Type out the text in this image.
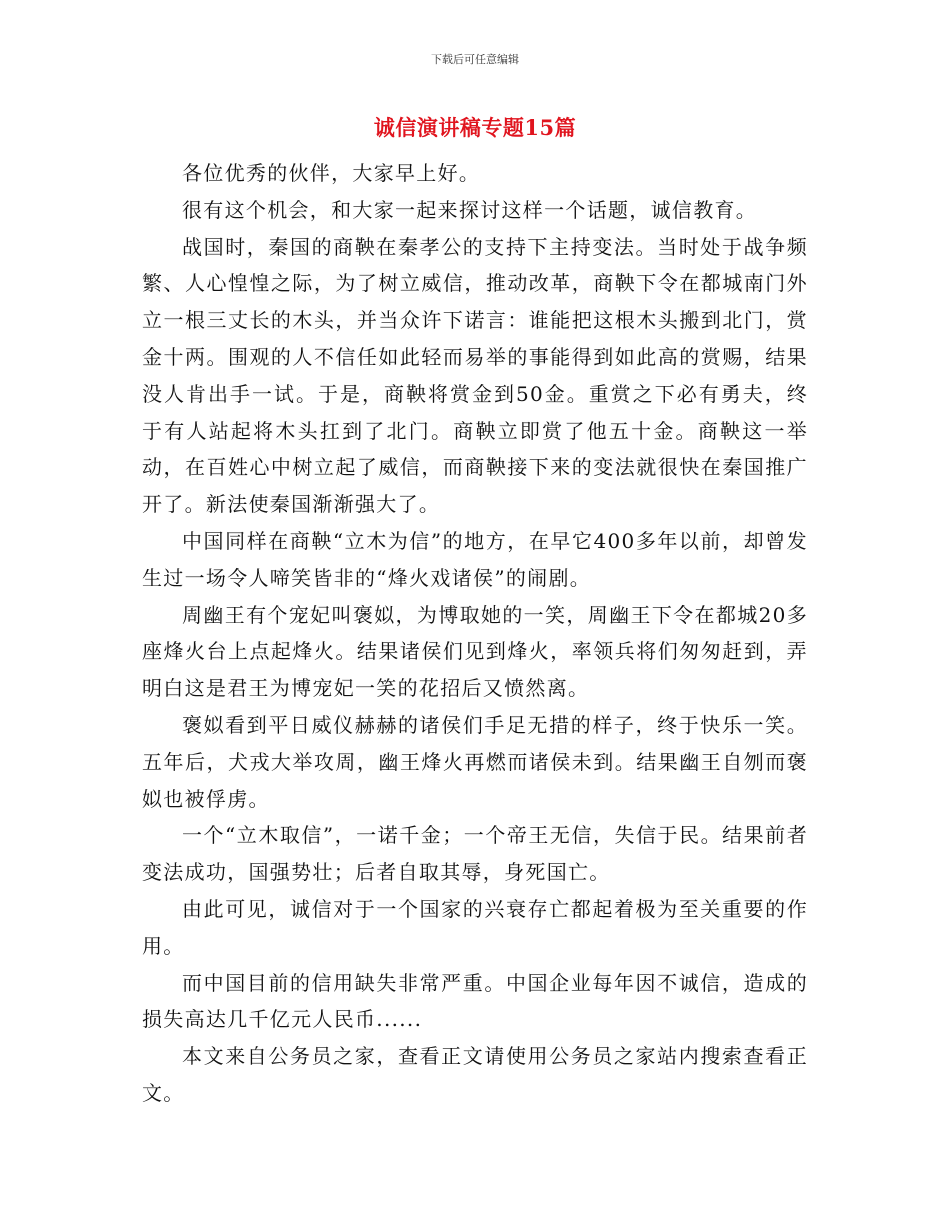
下载后可任意编辑
诚信演讲稿专题15篇

各位优秀的伙伴，大家早上好。

很有这个机会，和大家一起来探讨这样一个话题，诚信教育。

战国时，秦国的商鞅在秦孝公的支持下主持变法。当时处于战争频繁、人心惶惶之际，为了树立威信，推动改革，商鞅下令在都城南门外立一根三丈长的木头，并当众许下诺言：谁能把这根木头搬到北门，赏金十两。围观的人不信任如此轻而易举的事能得到如此高的赏赐，结果没人肯出手一试。于是，商鞅将赏金到50金。重赏之下必有勇夫，终于有人站起将木头扛到了北门。商鞅立即赏了他五十金。商鞅这一举动，在百姓心中树立起了威信，而商鞅接下来的变法就很快在秦国推广开了。新法使秦国渐渐强大了。

中国同样在商鞅“立木为信”的地方，在早它400多年以前，却曾发生过一场令人啼笑皆非的“烽火戏诸侯”的闹剧。

周幽王有个宠妃叫褒姒，为博取她的一笑，周幽王下令在都城20多座烽火台上点起烽火。结果诸侯们见到烽火，率领兵将们匆匆赶到，弄明白这是君王为博宠妃一笑的花招后又愤然离。

褒姒看到平日威仪赫赫的诸侯们手足无措的样子，终于快乐一笑。五年后，犬戎大举攻周，幽王烽火再燃而诸侯未到。结果幽王自刎而褒姒也被俘虏。

一个“立木取信”，一诺千金；一个帝王无信，失信于民。结果前者变法成功，国强势壮；后者自取其辱，身死国亡。

由此可见，诚信对于一个国家的兴衰存亡都起着极为至关重要的作用。

而中国目前的信用缺失非常严重。中国企业每年因不诚信，造成的损失高达几千亿元人民币......

本文来自公务员之家，查看正文请使用公务员之家站内搜索查看正文。
